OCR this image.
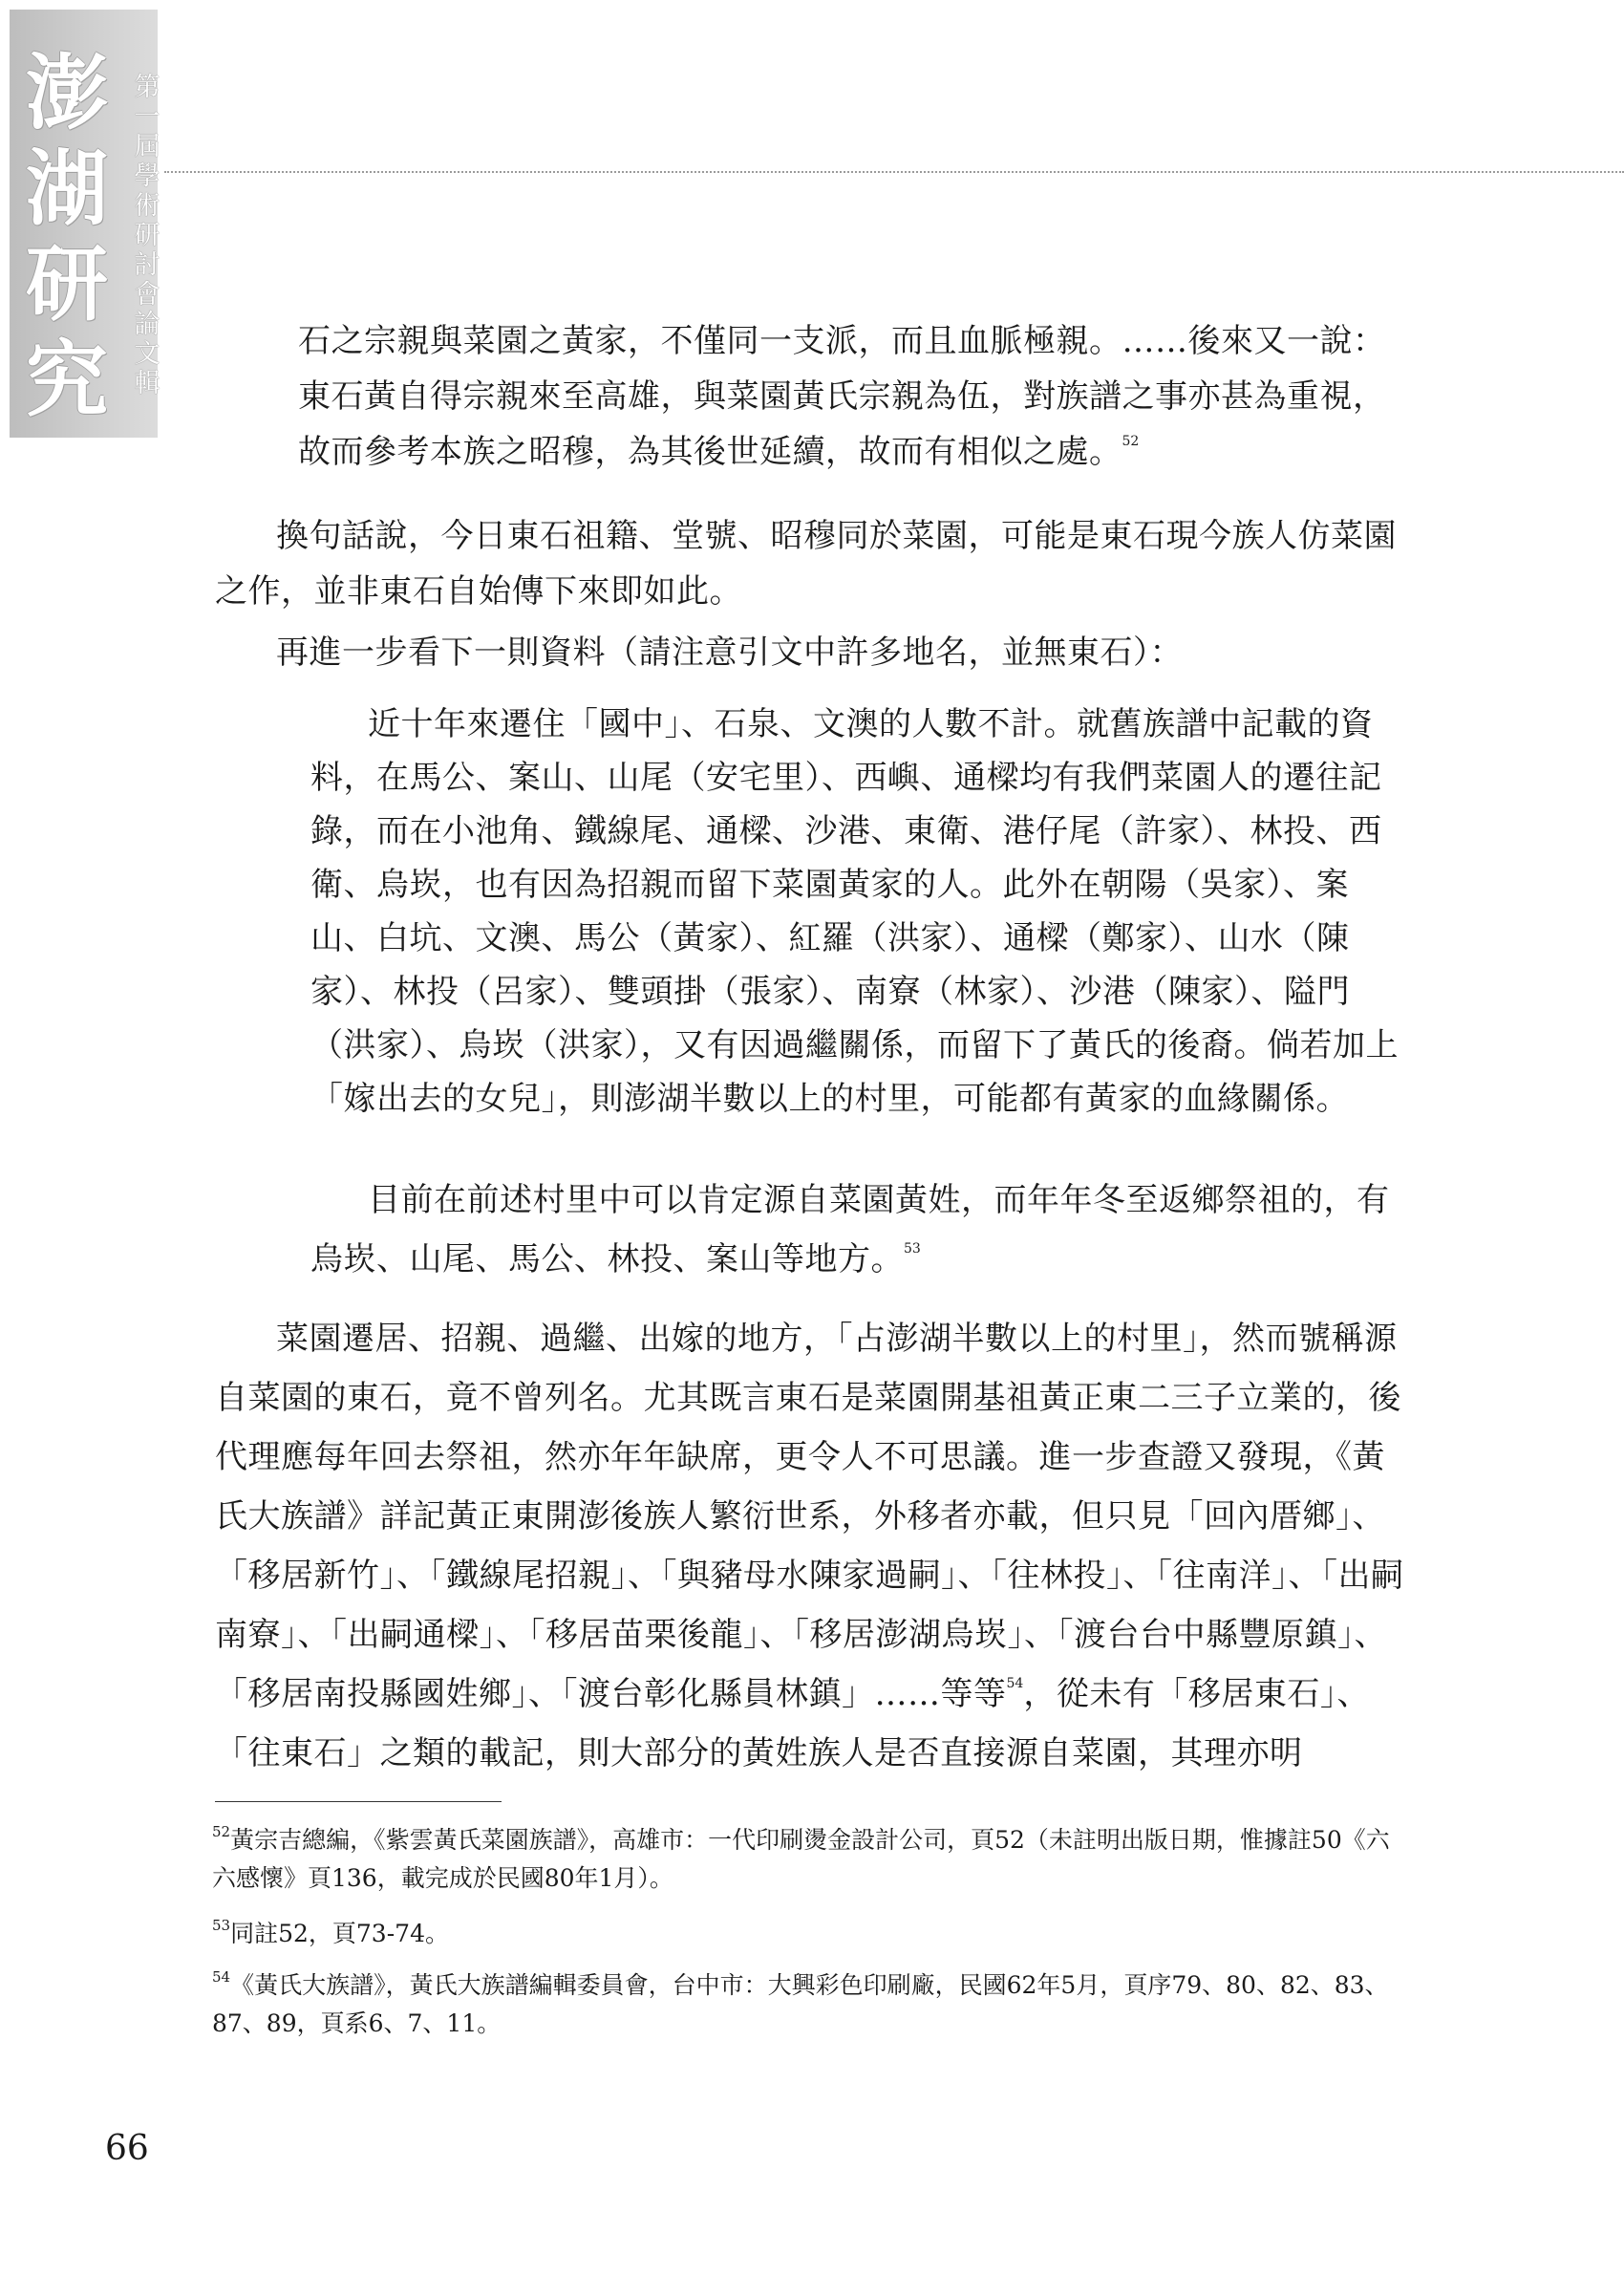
澎
湖
研
究
第
一
屆
學
術
研
討
會
論
文
輯
石之宗親與菜園之黃家，不僅同一支派，而且血脈極親。……後來又一說：東石黃自得宗親來至高雄，與菜園黃氏宗親為伍，對族譜之事亦甚為重視，故而參考本族之昭穆，為其後世延續，故而有相似之處。$^{52}$
換句話說，今日東石祖籍、堂號、昭穆同於菜園，可能是東石現今族人仿菜園之作，並非東石自始傳下來即如此。
再進一步看下一則資料（請注意引文中許多地名，並無東石）：
近十年來遷住「國中」、石泉、文澳的人數不計。就舊族譜中記載的資料，在馬公、案山、山尾（安宅里）、西嶼、通樑均有我們菜園人的遷往記錄，而在小池角、鐵線尾、通樑、沙港、東衛、港仔尾（許家）、林投、西衛、烏崁，也有因為招親而留下菜園黃家的人。此外在朝陽（吳家）、案山、白坑、文澳、馬公（黃家）、紅羅（洪家）、通樑（鄭家）、山水（陳家）、林投（呂家）、雙頭掛（張家）、南寮（林家）、沙港（陳家）、隘門（洪家）、烏崁（洪家），又有因過繼關係，而留下了黃氏的後裔。倘若加上「嫁出去的女兒」，則澎湖半數以上的村里，可能都有黃家的血緣關係。
目前在前述村里中可以肯定源自菜園黃姓，而年年冬至返鄉祭祖的，有烏崁、山尾、馬公、林投、案山等地方。$^{53}$
菜園遷居、招親、過繼、出嫁的地方，「占澎湖半數以上的村里」，然而號稱源自菜園的東石，竟不曾列名。尤其既言東石是菜園開基祖黃正東二三子立業的，後代理應每年回去祭祖，然亦年年缺席，更令人不可思議。進一步查證又發現，《黃氏大族譜》詳記黃正東開澎後族人繁衍世系，外移者亦載，但只見「回內厝鄉」、「移居新竹」、「鐵線尾招親」、「與豬母水陳家過嗣」、「往林投」、「往南洋」、「出嗣南寮」、「出嗣通樑」、「移居苗栗後龍」、「移居澎湖烏崁」、「渡台台中縣豐原鎮」、「移居南投縣國姓鄉」、「渡台彰化縣員林鎮」……等等$^{54}$，從未有「移居東石」、「往東石」之類的載記，則大部分的黃姓族人是否直接源自菜園，其理亦明
$^{52}$黃宗吉總編，《紫雲黃氏菜園族譜》，高雄市：一代印刷燙金設計公司，頁52（未註明出版日期，惟據註50《六六感懷》頁136，載完成於民國80年1月）。
$^{53}$同註52，頁73-74。
$^{54}$《黃氏大族譜》，黃氏大族譜編輯委員會，台中市：大興彩色印刷廠，民國62年5月，頁序79、80、82、83、87、89，頁系6、7、11。
66
